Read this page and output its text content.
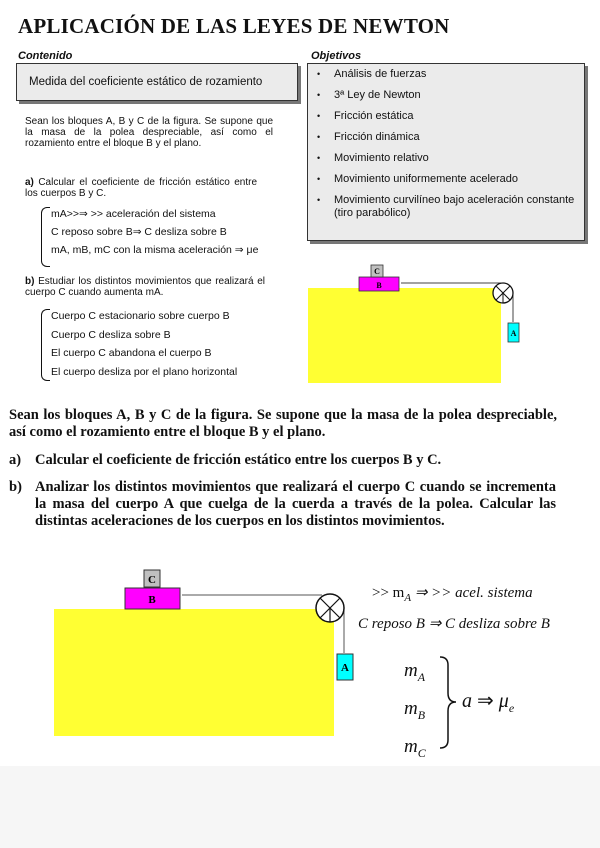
APLICACIÓN DE LAS LEYES DE NEWTON
Contenido	Objetivos
Medida del coeficiente estático de rozamiento
• Análisis de fuerzas
• 3ª Ley de Newton
• Fricción estática
• Fricción dinámica
• Movimiento relativo
• Movimiento uniformemente acelerado
• Movimiento curvilíneo bajo aceleración constante (tiro parabólico)
Sean los bloques A, B y C de la figura. Se supone que la masa de la polea despreciable, así como el rozamiento entre el bloque B y el plano.
a) Calcular el coeficiente de fricción estático entre los cuerpos B y C.
mA>>⇒ >> aceleración del sistema
C reposo sobre B⇒ C desliza sobre B
mA, mB, mC con la misma aceleración ⇒ μe
b) Estudiar los distintos movimientos que realizará el cuerpo C cuando aumenta mA.
Cuerpo C estacionario sobre cuerpo B
Cuerpo C desliza sobre B
El cuerpo C abandona el cuerpo B
El cuerpo desliza por el plano horizontal
B
C
A
Sean los bloques A, B y C de la figura. Se supone que la masa de la polea despreciable, así como el rozamiento entre el bloque B y el plano.
a) Calcular el coeficiente de fricción estático entre los cuerpos B y C.
b) Analizar los distintos movimientos que realizará el cuerpo C cuando se incrementa la masa del cuerpo A que cuelga de la cuerda a través de la polea. Calcular las distintas aceleraciones de los cuerpos en los distintos movimientos.
B
C
A
>> $m_A$ ⇒ >> acel. sistema
C reposo B ⇒ C desliza sobre B
$m_A$
$m_B$
$m_C$
a ⇒ $\mu_e$
